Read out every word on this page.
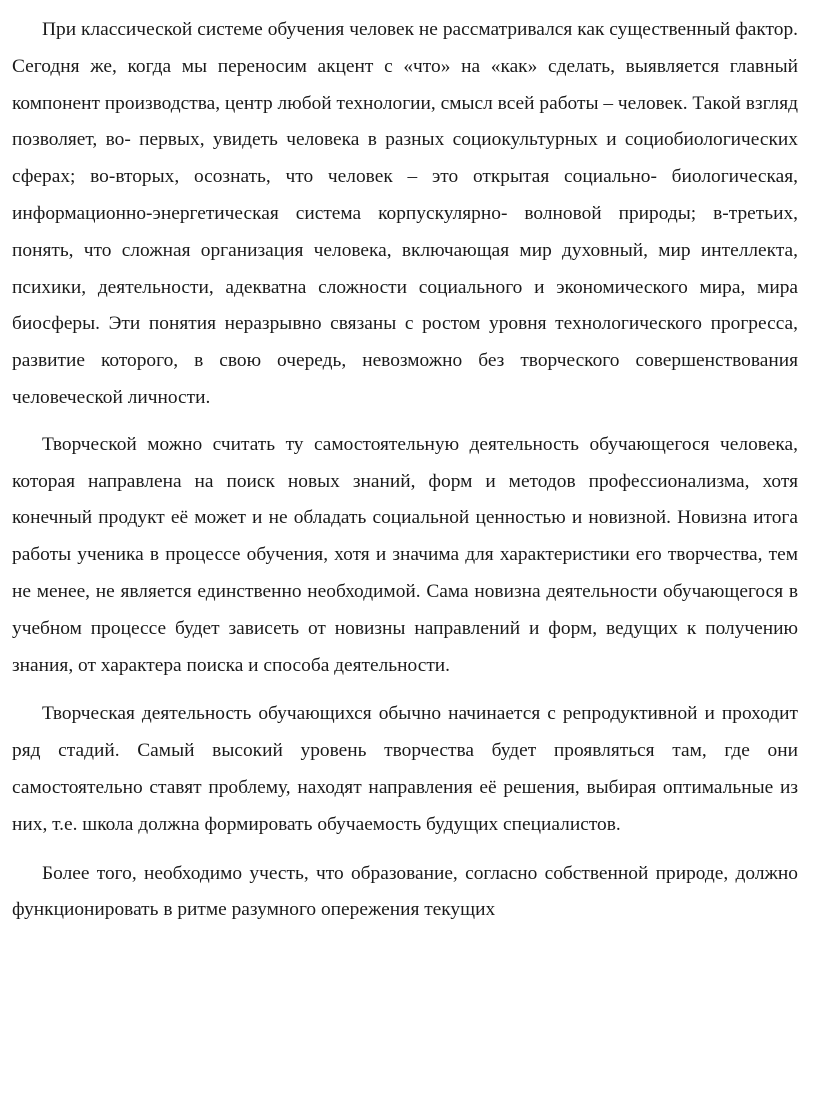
При классической системе обучения человек не рассматривался как существенный фактор. Сегодня же, когда мы переносим акцент с «что» на «как» сделать, выявляется главный компонент производства, центр любой технологии, смысл всей работы – человек. Такой взгляд позволяет, во- первых, увидеть человека в разных социокультурных и социобиологических сферах; во-вторых, осознать, что человек – это открытая социально- биологическая, информационно-энергетическая система корпускулярно- волновой природы; в-третьих, понять, что сложная организация человека, включающая мир духовный, мир интеллекта, психики, деятельности, адекватна сложности социального и экономического мира, мира биосферы. Эти понятия неразрывно связаны с ростом уровня технологического прогресса, развитие которого, в свою очередь, невозможно без творческого совершенствования человеческой личности.

Творческой можно считать ту самостоятельную деятельность обучающегося человека, которая направлена на поиск новых знаний, форм и методов профессионализма, хотя конечный продукт её может и не обладать социальной ценностью и новизной. Новизна итога работы ученика в процессе обучения, хотя и значима для характеристики его творчества, тем не менее, не является единственно необходимой. Сама новизна деятельности обучающегося в учебном процессе будет зависеть от новизны направлений и форм, ведущих к получению знания, от характера поиска и способа деятельности.

Творческая деятельность обучающихся обычно начинается с репродуктивной и проходит ряд стадий. Самый высокий уровень творчества будет проявляться там, где они самостоятельно ставят проблему, находят направления её решения, выбирая оптимальные из них, т.е. школа должна формировать обучаемость будущих специалистов.

Более того, необходимо учесть, что образование, согласно собственной природе, должно функционировать в ритме разумного опережения текущих
